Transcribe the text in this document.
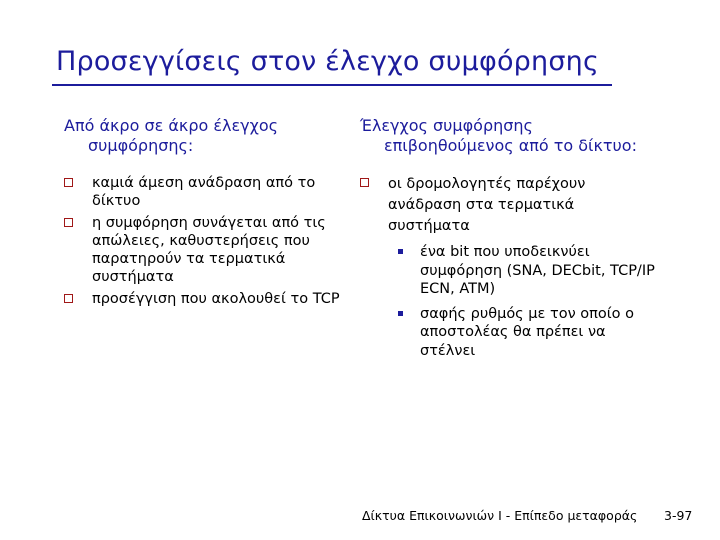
Προσεγγίσεις στον έλεγχο συμφόρησης
Από άκρο σε άκρο έλεγχος συμφόρησης:
καμιά άμεση ανάδραση από το δίκτυο
η συμφόρηση συνάγεται από τις απώλειες, καθυστερήσεις που παρατηρούν τα τερματικά συστήματα
προσέγγιση που ακολουθεί το TCP
Έλεγχος συμφόρησης επιβοηθούμενος από το δίκτυο:
οι δρομολογητές παρέχουν ανάδραση στα τερματικά συστήματα
ένα bit που υποδεικνύει συμφόρηση (SNA, DECbit, TCP/IP ECN, ATM)
σαφής ρυθμός με τον οποίο ο αποστολέας θα πρέπει να στέλνει
Δίκτυα Επικοινωνιών Ι - Επίπεδο μεταφοράς 3-97
